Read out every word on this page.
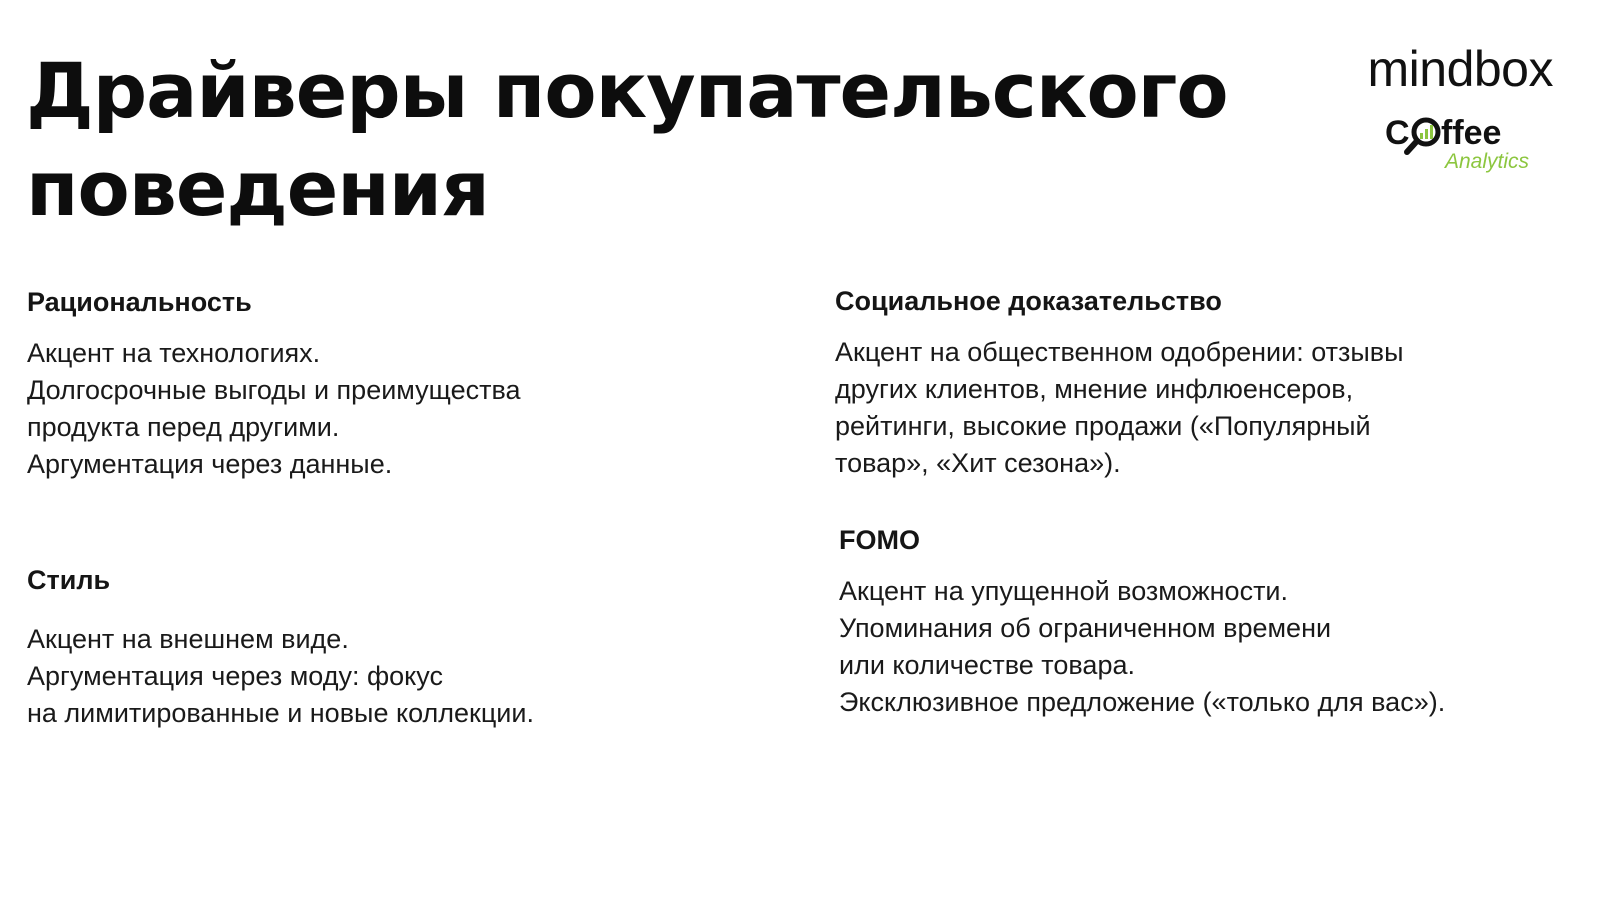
Драйверы покупательского
поведения
mindbox
C ffee
Analytics

Рациональность

Акцент на технологиях.
Долгосрочные выгоды и преимущества
продукта перед другими.
Аргументация через данные.

Стиль

Акцент на внешнем виде.
Аргументация через моду: фокус
на лимитированные и новые коллекции.

Социальное доказательство

Акцент на общественном одобрении: отзывы
других клиентов, мнение инфлюенсеров,
рейтинги, высокие продажи («Популярный
товар», «Хит сезона»).

FOMO

Акцент на упущенной возможности.
Упоминания об ограниченном времени
или количестве товара.
Эксклюзивное предложение («только для вас»).
